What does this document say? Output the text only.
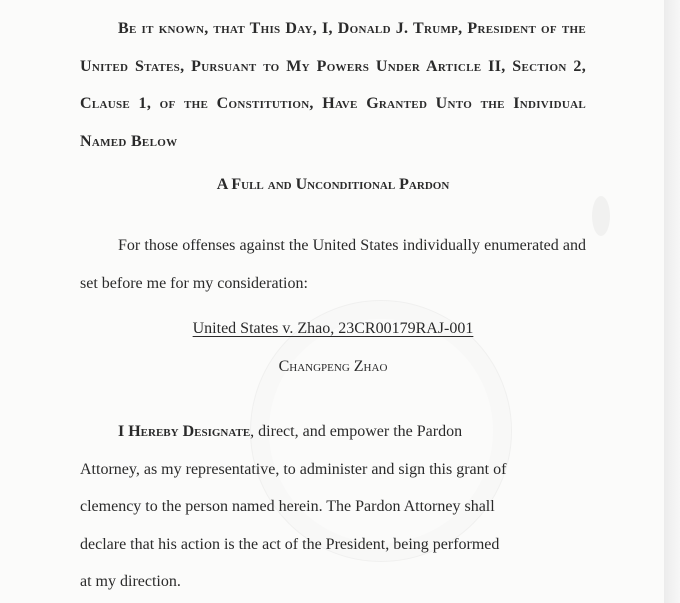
Be it known, that This Day, I, Donald J. Trump, President of the United States, Pursuant to My Powers Under Article II, Section 2, Clause 1, of the Constitution, Have Granted Unto the Individual Named Below

A Full and Unconditional Pardon

For those offenses against the United States individually enumerated and set before me for my consideration:

United States v. Zhao, 23CR00179RAJ-001

Changpeng Zhao

I Hereby Designate, direct, and empower the Pardon
Attorney, as my representative, to administer and sign this grant of
clemency to the person named herein. The Pardon Attorney shall
declare that his action is the act of the President, being performed
at my direction.
